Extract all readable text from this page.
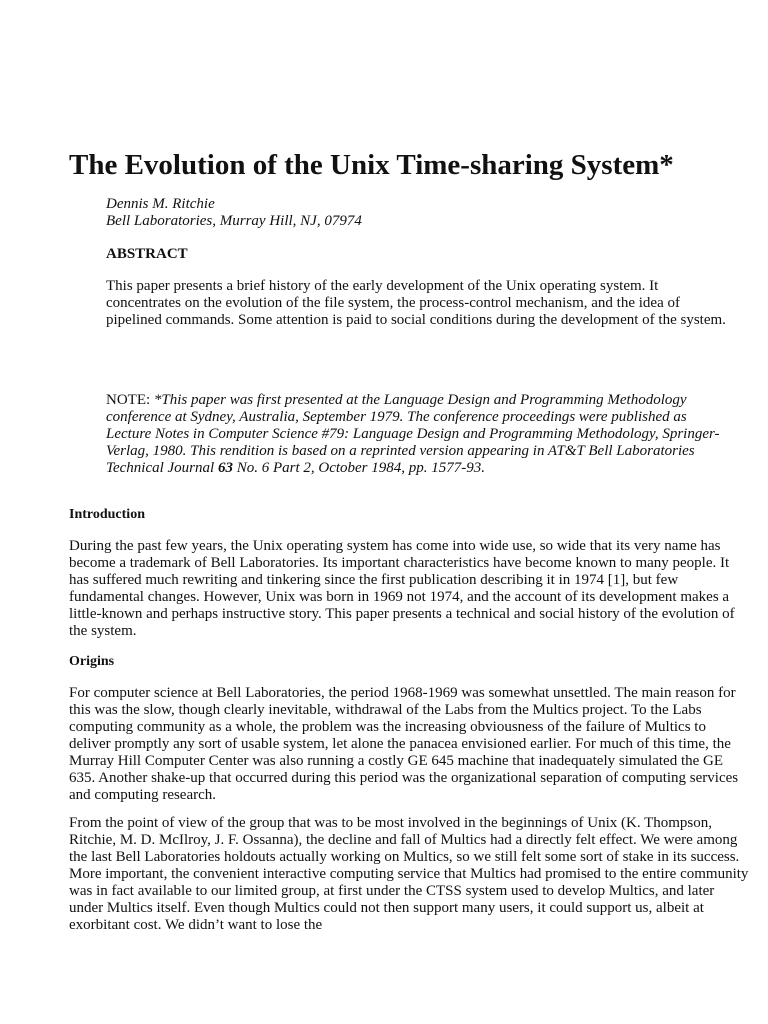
The Evolution of the Unix Time-sharing System*
Dennis M. Ritchie
Bell Laboratories, Murray Hill, NJ, 07974
ABSTRACT

This paper presents a brief history of the early development of the Unix operating system. It concentrates on the evolution of the file system, the process-control mechanism, and the idea of pipelined commands. Some attention is paid to social conditions during the development of the system.

NOTE: *This paper was first presented at the Language Design and Programming Methodology conference at Sydney, Australia, September 1979. The conference proceedings were published as Lecture Notes in Computer Science #79: Language Design and Programming Methodology, Springer-Verlag, 1980. This rendition is based on a reprinted version appearing in AT&T Bell Laboratories Technical Journal 63 No. 6 Part 2, October 1984, pp. 1577-93.

Introduction

During the past few years, the Unix operating system has come into wide use, so wide that its very name has become a trademark of Bell Laboratories. Its important characteristics have become known to many people. It has suffered much rewriting and tinkering since the first publication describing it in 1974 [1], but few fundamental changes. However, Unix was born in 1969 not 1974, and the account of its development makes a little-known and perhaps instructive story. This paper presents a technical and social history of the evolution of the system.

Origins

For computer science at Bell Laboratories, the period 1968-1969 was somewhat unsettled. The main reason for this was the slow, though clearly inevitable, withdrawal of the Labs from the Multics project. To the Labs computing community as a whole, the problem was the increasing obviousness of the failure of Multics to deliver promptly any sort of usable system, let alone the panacea envisioned earlier. For much of this time, the Murray Hill Computer Center was also running a costly GE 645 machine that inadequately simulated the GE 635. Another shake-up that occurred during this period was the organizational separation of computing services and computing research.

From the point of view of the group that was to be most involved in the beginnings of Unix (K. Thompson, Ritchie, M. D. McIlroy, J. F. Ossanna), the decline and fall of Multics had a directly felt effect. We were among the last Bell Laboratories holdouts actually working on Multics, so we still felt some sort of stake in its success. More important, the convenient interactive computing service that Multics had promised to the entire community was in fact available to our limited group, at first under the CTSS system used to develop Multics, and later under Multics itself. Even though Multics could not then support many users, it could support us, albeit at exorbitant cost. We didn’t want to lose the
